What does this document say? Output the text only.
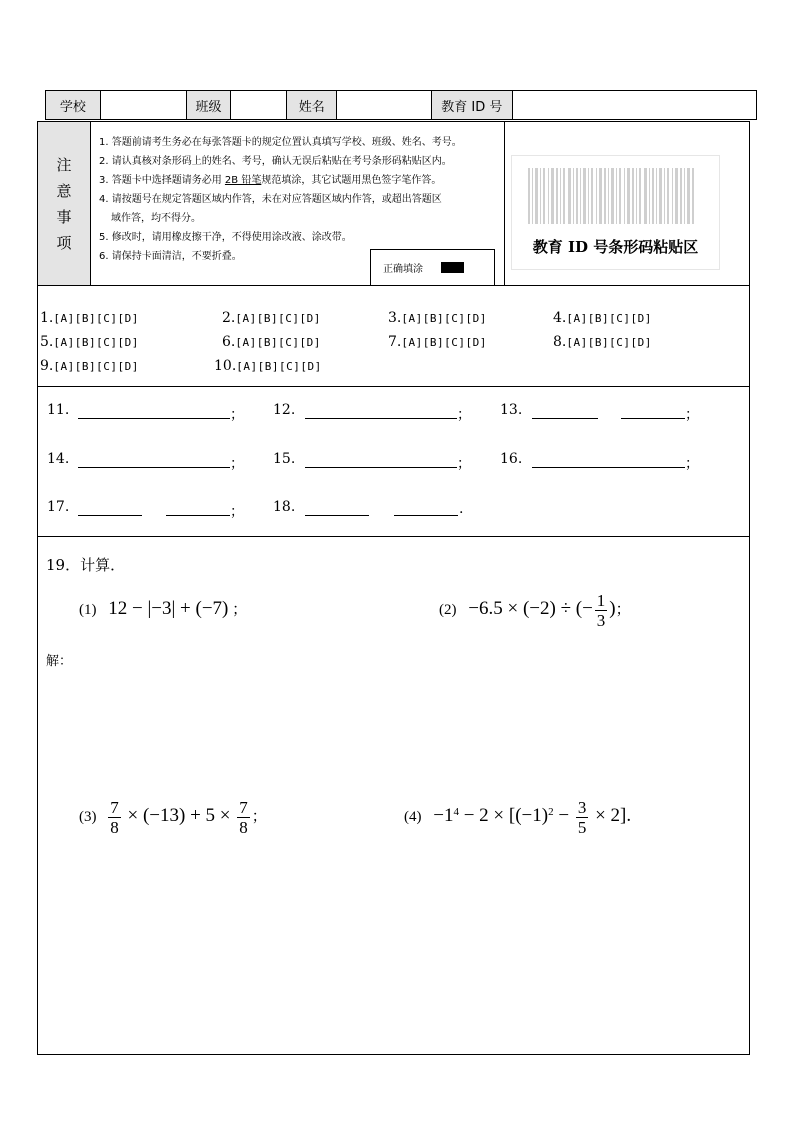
学校	班级	姓名	教育 ID 号
注
意
事
项
1. 答题前请考生务必在每张答题卡的规定位置认真填写学校、班级、姓名、考号。
2. 请认真核对条形码上的姓名、考号，确认无误后粘贴在考号条形码粘贴区内。
3. 答题卡中选择题请务必用 2B 铅笔规范填涂，其它试题用黑色签字笔作答。
4. 请按题号在规定答题区域内作答，未在对应答题区域内作答，或超出答题区
域作答，均不得分。
5. 修改时，请用橡皮擦干净，不得使用涂改液、涂改带。
6. 请保持卡面清洁，不要折叠。
正确填涂
教育 ID 号条形码粘贴区
1.[A][B][C][D]	2.[A][B][C][D]	3.[A][B][C][D]	4.[A][B][C][D]
5.[A][B][C][D]	6.[A][B][C][D]	7.[A][B][C][D]	8.[A][B][C][D]
9.[A][B][C][D]	10.[A][B][C][D]
11.	； 12.	； 13.	；
14.	； 15.	； 16.	；
17.	； 18.	.
19．计算．
(1) 12 − |−3| + (−7) ；	(2) −6.5 × (−2) ÷ (− $\frac{1}{3}$ )；
解：
$(3) \frac{7}{8} \times (-13) + 5 \times \frac{7}{8}$ ；	$(4) -1^4 - 2 \times [(-1)^2 - \frac{3}{5} \times 2]$.
